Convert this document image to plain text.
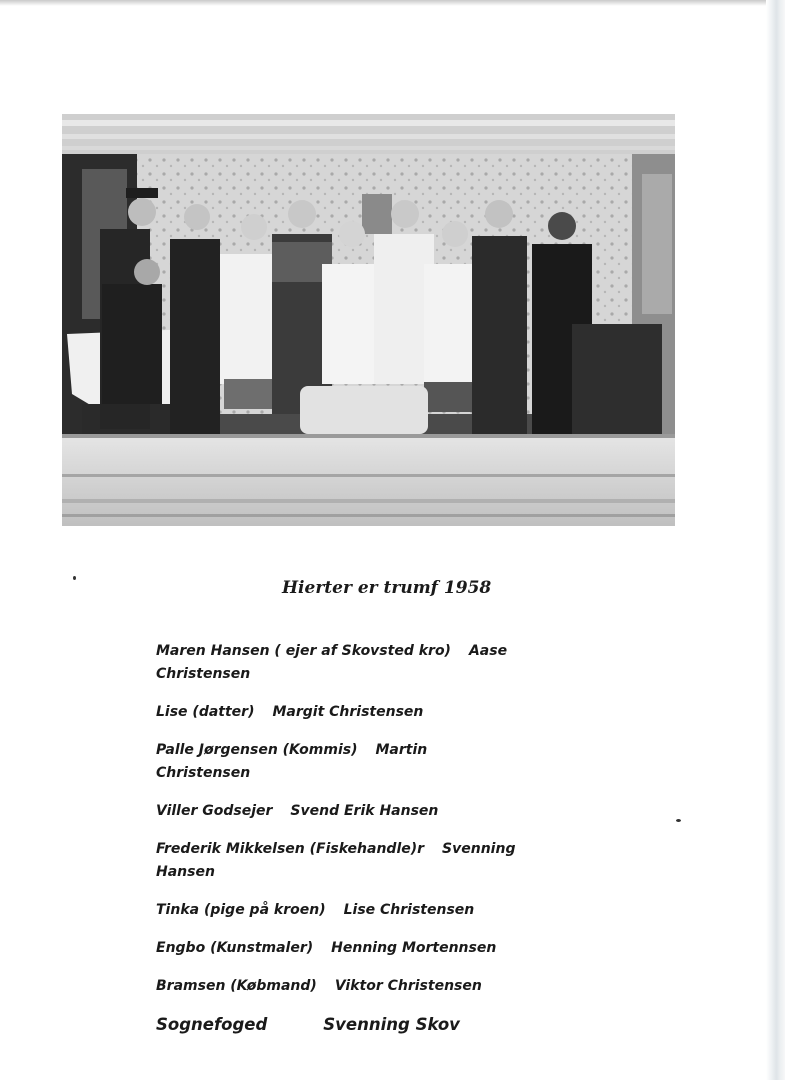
Hierter er trumf 1958
Maren Hansen ( ejer af Skovsted kro) Aase Christensen
Lise (datter) Margit Christensen
Palle Jørgensen (Kommis) Martin Christensen
Viller Godsejer Svend Erik Hansen
Frederik Mikkelsen (Fiskehandle)r Svenning Hansen
Tinka (pige på kroen) Lise Christensen
Engbo (Kunstmaler) Henning Mortennsen
Bramsen (Købmand) Viktor Christensen
Sognefoged	Svenning Skov
